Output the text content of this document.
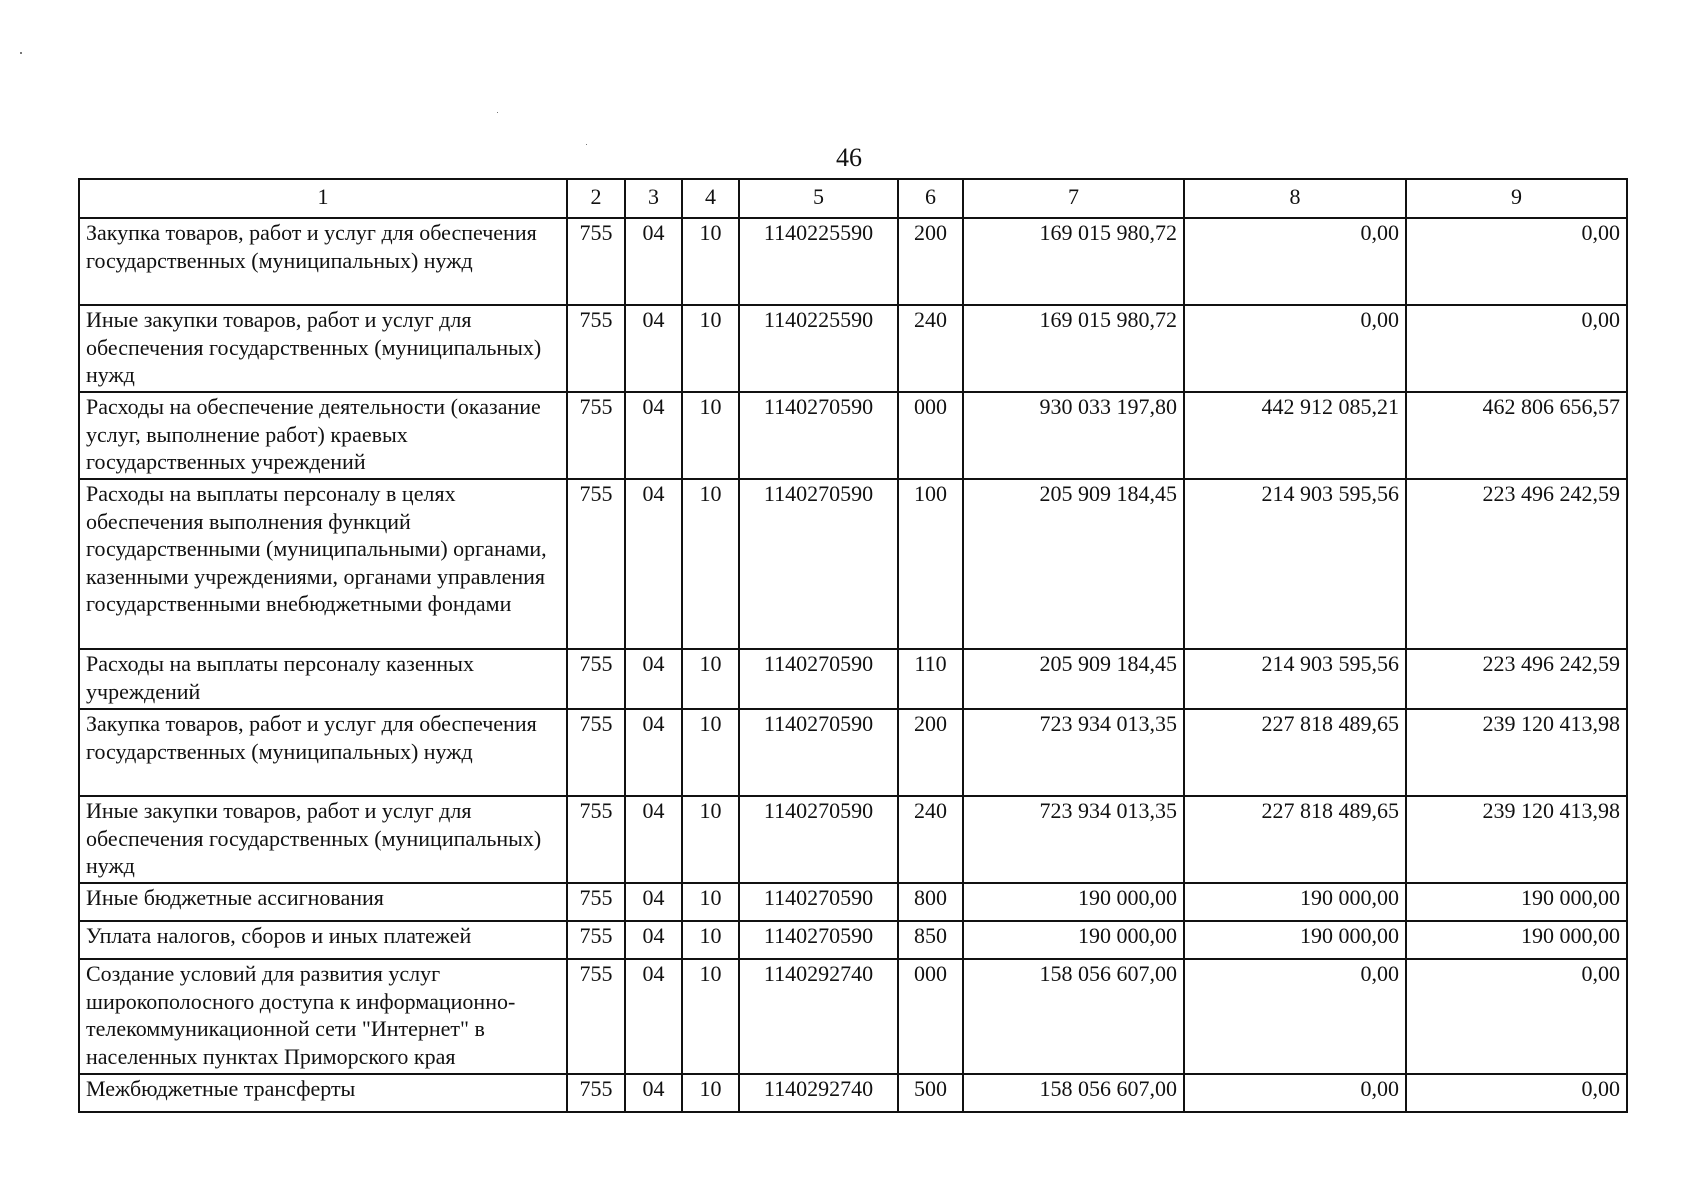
46
1	2	3	4	5	6	7	8	9
Закупка товаров, работ и услуг для обеспечения государственных (муниципальных) нужд	755	04	10	1140225590	200	169 015 980,72	0,00	0,00
Иные закупки товаров, работ и услуг для обеспечения государственных (муниципальных) нужд	755	04	10	1140225590	240	169 015 980,72	0,00	0,00
Расходы на обеспечение деятельности (оказание услуг, выполнение работ) краевых государственных учреждений	755	04	10	1140270590	000	930 033 197,80	442 912 085,21	462 806 656,57
Расходы на выплаты персоналу в целях обеспечения выполнения функций государственными (муниципальными) органами, казенными учреждениями, органами управления государственными внебюджетными фондами	755	04	10	1140270590	100	205 909 184,45	214 903 595,56	223 496 242,59
Расходы на выплаты персоналу казенных учреждений	755	04	10	1140270590	110	205 909 184,45	214 903 595,56	223 496 242,59
Закупка товаров, работ и услуг для обеспечения государственных (муниципальных) нужд	755	04	10	1140270590	200	723 934 013,35	227 818 489,65	239 120 413,98
Иные закупки товаров, работ и услуг для обеспечения государственных (муниципальных) нужд	755	04	10	1140270590	240	723 934 013,35	227 818 489,65	239 120 413,98
Иные бюджетные ассигнования	755	04	10	1140270590	800	190 000,00	190 000,00	190 000,00
Уплата налогов, сборов и иных платежей	755	04	10	1140270590	850	190 000,00	190 000,00	190 000,00
Создание условий для развития услуг широкополосного доступа к информационно-телекоммуникационной сети "Интернет" в населенных пунктах Приморского края	755	04	10	1140292740	000	158 056 607,00	0,00	0,00
Межбюджетные трансферты	755	04	10	1140292740	500	158 056 607,00	0,00	0,00
